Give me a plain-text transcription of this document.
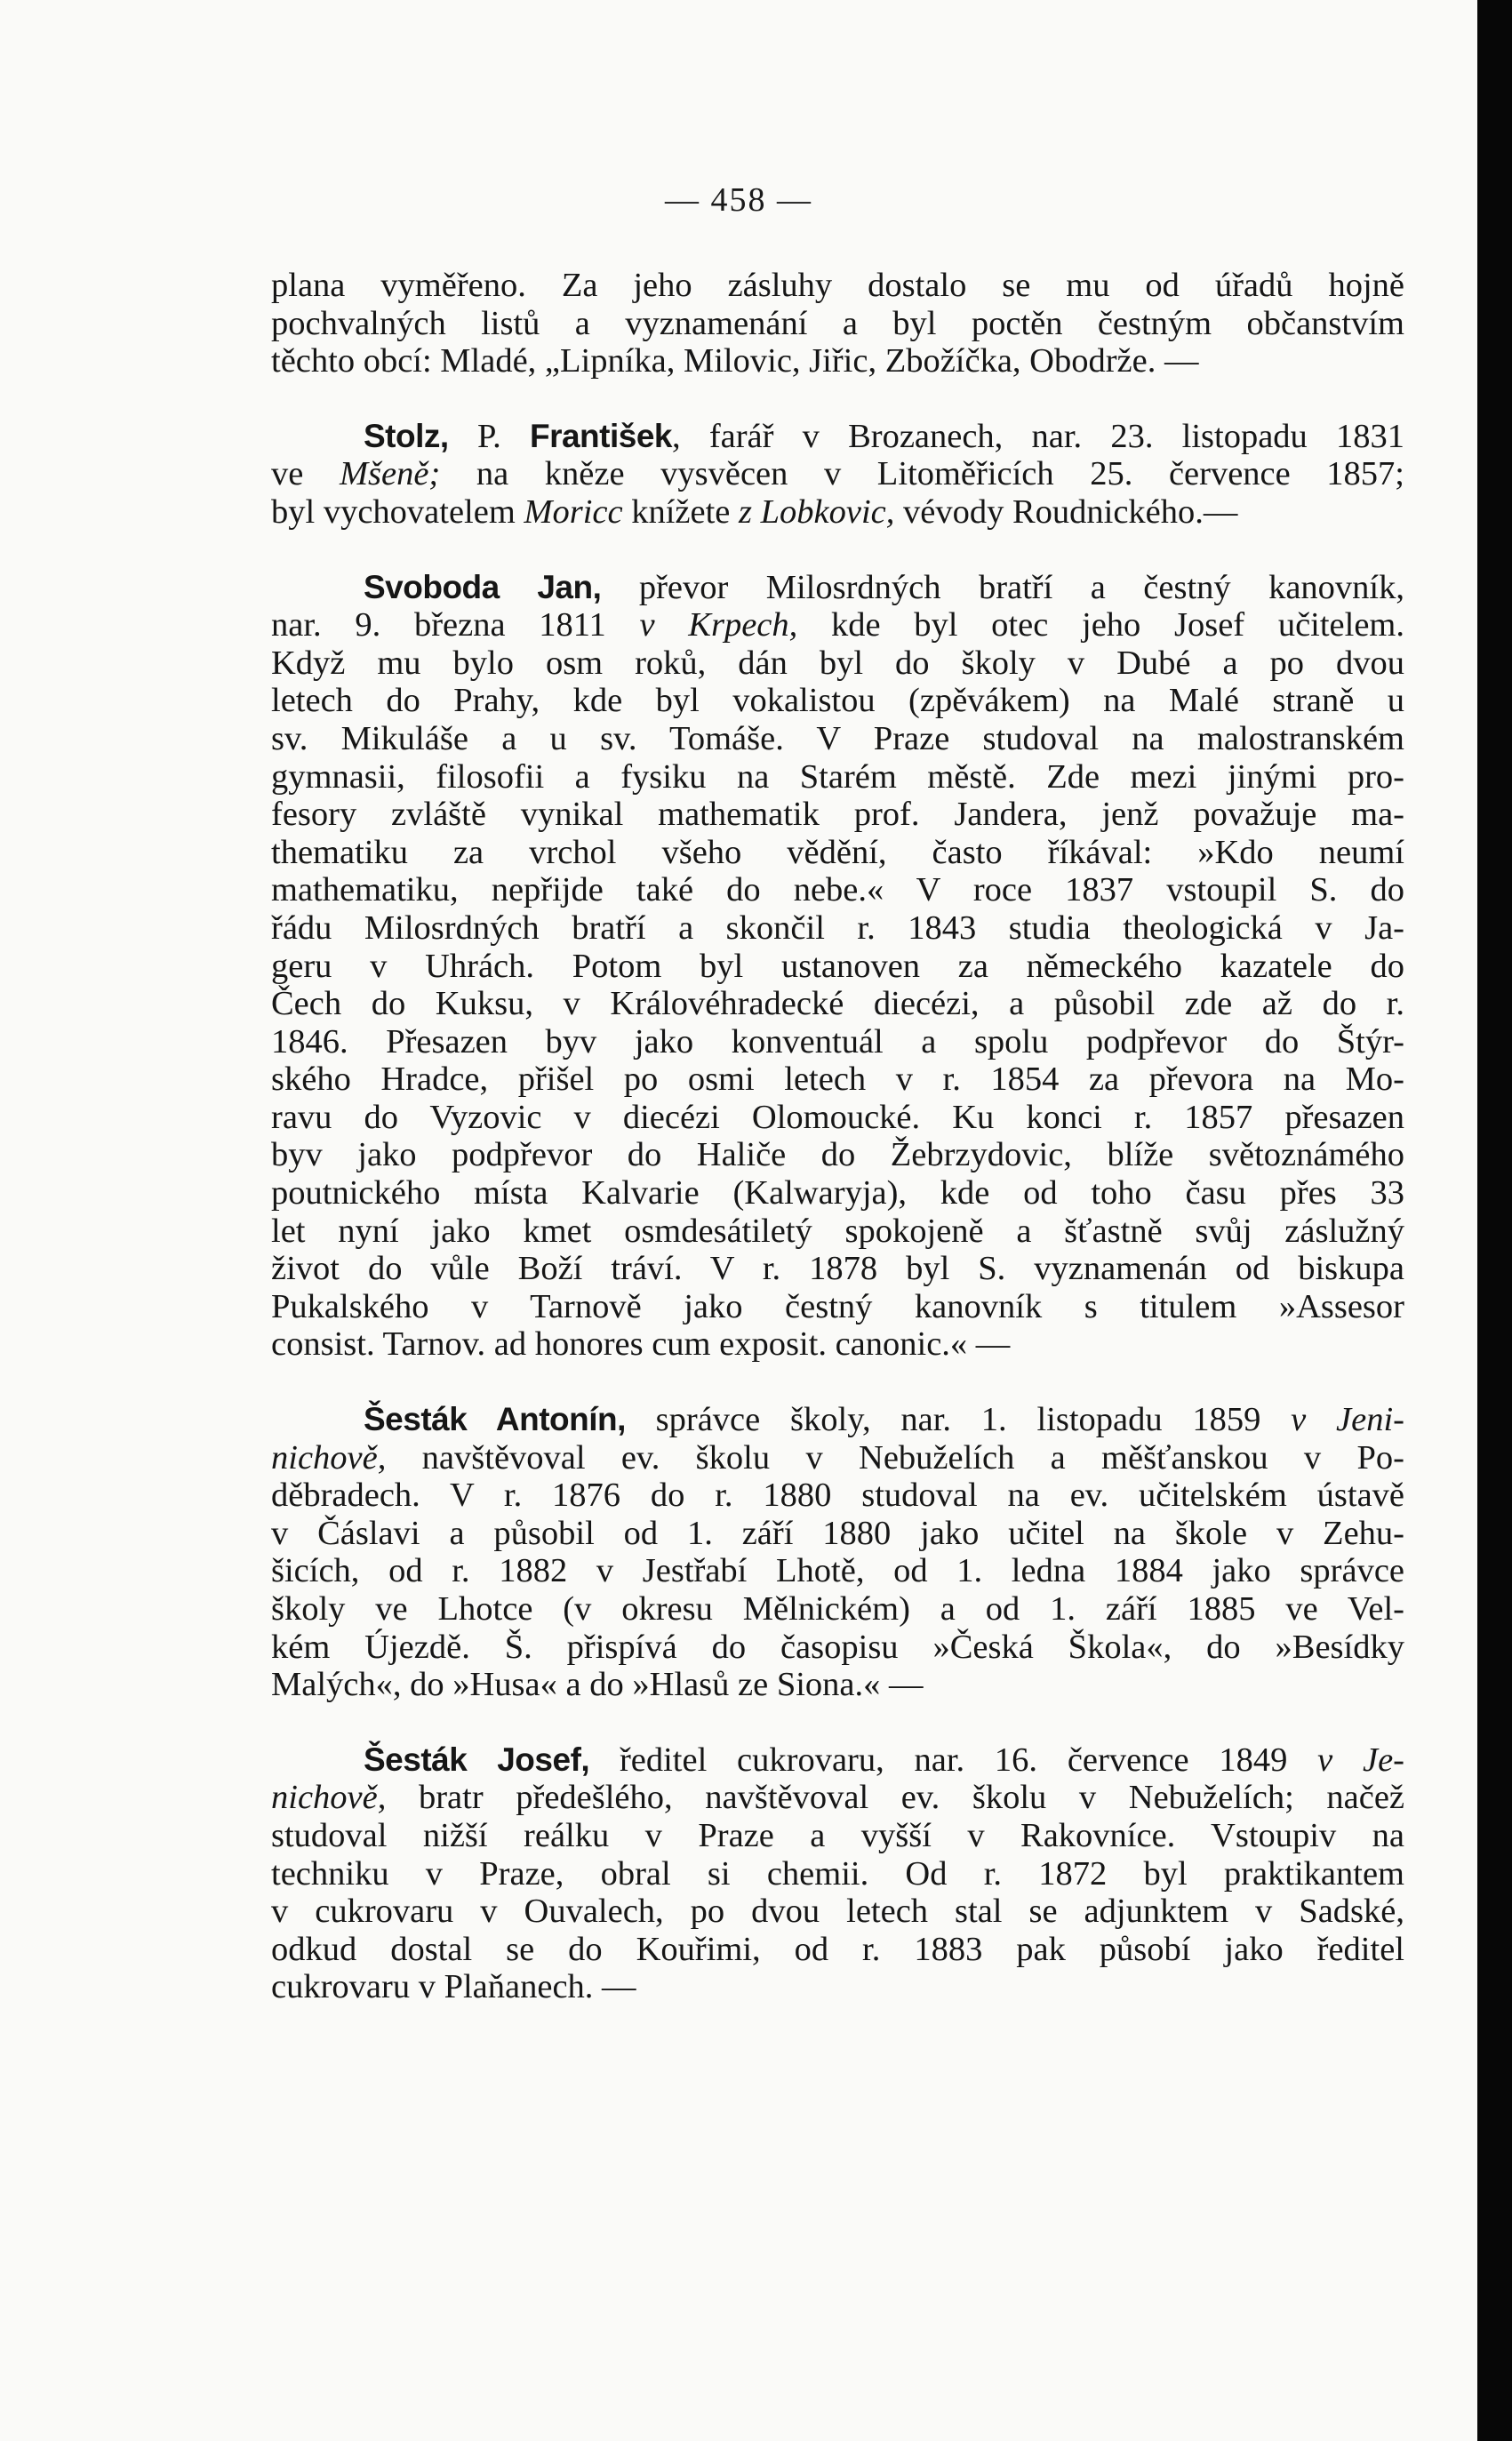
— 458 —

plana vyměřeno. Za jeho zásluhy dostalo se mu od úřadů hojně
pochvalných listů a vyznamenání a byl poctěn čestným občanstvím
těchto obcí: Mladé, „Lipníka, Milovic, Jiřic, Zbožíčka, Obodrže. —

Stolz, P. František, farář v Brozanech, nar. 23. listopadu 1831
ve Mšeně; na kněze vysvěcen v Litoměřicích 25. července 1857;
byl vychovatelem Moricc knížete z Lobkovic, vévody Roudnického.—

Svoboda Jan, převor Milosrdných bratří a čestný kanovník,
nar. 9. března 1811 v Krpech, kde byl otec jeho Josef učitelem.
Když mu bylo osm roků, dán byl do školy v Dubé a po dvou
letech do Prahy, kde byl vokalistou (zpěvákem) na Malé straně u
sv. Mikuláše a u sv. Tomáše. V Praze studoval na malostranském
gymnasii, filosofii a fysiku na Starém městě. Zde mezi jinými pro-
fesory zvláště vynikal mathematik prof. Jandera, jenž považuje ma-
thematiku za vrchol všeho vědění, často říkával: »Kdo neumí
mathematiku, nepřijde také do nebe.« V roce 1837 vstoupil S. do
řádu Milosrdných bratří a skončil r. 1843 studia theologická v Ja-
geru v Uhrách. Potom byl ustanoven za německého kazatele do
Čech do Kuksu, v Královéhradecké diecézi, a působil zde až do r.
1846. Přesazen byv jako konventuál a spolu podpřevor do Štýr-
ského Hradce, přišel po osmi letech v r. 1854 za převora na Mo-
ravu do Vyzovic v diecézi Olomoucké. Ku konci r. 1857 přesazen
byv jako podpřevor do Haliče do Žebrzydovic, blíže světoznámého
poutnického místa Kalvarie (Kalwaryja), kde od toho času přes 33
let nyní jako kmet osmdesátiletý spokojeně a šťastně svůj záslužný
život do vůle Boží tráví. V r. 1878 byl S. vyznamenán od biskupa
Pukalského v Tarnově jako čestný kanovník s titulem »Assesor
consist. Tarnov. ad honores cum exposit. canonic.« —

Šesták Antonín, správce školy, nar. 1. listopadu 1859 v Jeni-
nichově, navštěvoval ev. školu v Nebuželích a měšťanskou v Po-
děbradech. V r. 1876 do r. 1880 studoval na ev. učitelském ústavě
v Čáslavi a působil od 1. září 1880 jako učitel na škole v Zehu-
šicích, od r. 1882 v Jestřabí Lhotě, od 1. ledna 1884 jako správce
školy ve Lhotce (v okresu Mělnickém) a od 1. září 1885 ve Vel-
kém Újezdě. Š. přispívá do časopisu »Česká Škola«, do »Besídky
Malých«, do »Husa« a do »Hlasů ze Siona.« —

Šesták Josef, ředitel cukrovaru, nar. 16. července 1849 v Je-
nichově, bratr předešlého, navštěvoval ev. školu v Nebuželích; načež
studoval nižší reálku v Praze a vyšší v Rakovníce. Vstoupiv na
techniku v Praze, obral si chemii. Od r. 1872 byl praktikantem
v cukrovaru v Ouvalech, po dvou letech stal se adjunktem v Sadské,
odkud dostal se do Kouřimi, od r. 1883 pak působí jako ředitel
cukrovaru v Plaňanech. —
